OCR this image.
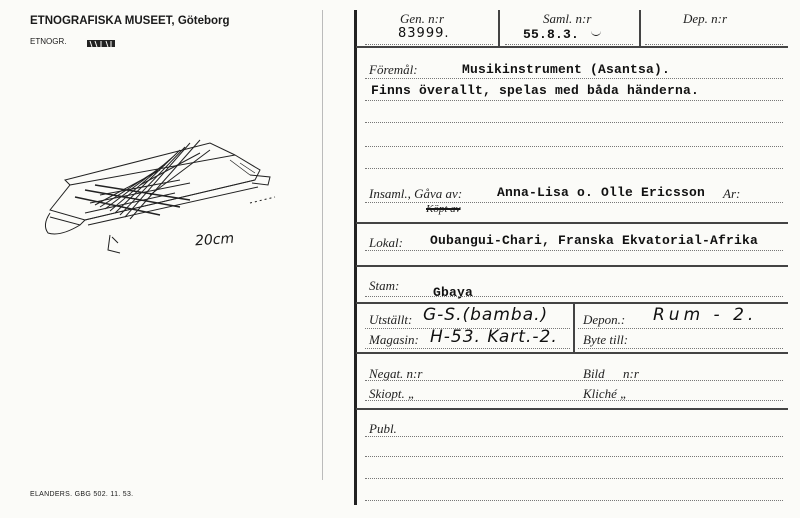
ETNOGRAFISKA MUSEET, Göteborg
ETNOGR.
20cm
ELANDERS. GBG 502. 11. 53.
Gen. n:r
83999.
Saml. n:r
55.8.3.
Dep. n:r
Föremål:	Musikinstrument (Asantsa).
Finns överallt, spelas med båda händerna.
Insaml., Gåva av:	Anna-Lisa o. Olle Ericsson Ar:
Köpt av
Lokal: Oubangui-Chari, Franska Ekvatorial-Afrika
Stam:	Gbaya
Utställt: G-S.(bamba.)
Magasin: H-53. Kart.-2.
Depon.: Rum - 2.
Byte till:
Negat. n:r	Bild n:r
Skiopt. „	Kliché „
Publ.
